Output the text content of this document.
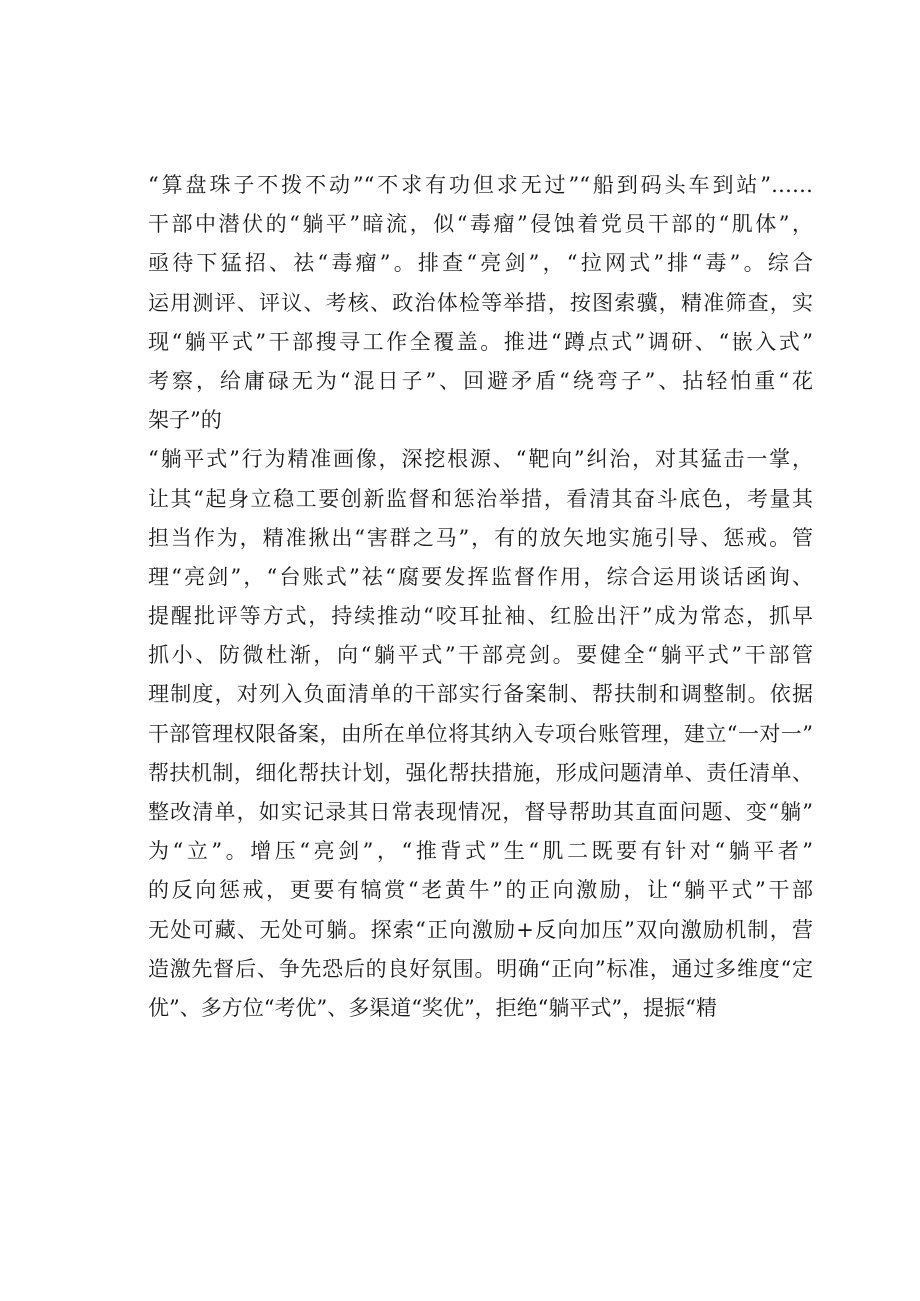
“算盘珠子不拨不动”“不求有功但求无过”“船到码头车到站”……
干部中潜伏的“躺平”暗流，似“毒瘤”侵蚀着党员干部的“肌体”，
亟待下猛招、祛“毒瘤”。排查“亮剑”，“拉网式”排“毒”。综合
运用测评、评议、考核、政治体检等举措，按图索骥，精准筛查，实
现“躺平式”干部搜寻工作全覆盖。推进“蹲点式”调研、“嵌入式”
考察，给庸碌无为“混日子”、回避矛盾“绕弯子”、拈轻怕重“花
架子”的
“躺平式”行为精准画像，深挖根源、“靶向”纠治，对其猛击一掌，
让其“起身立稳工要创新监督和惩治举措，看清其奋斗底色，考量其
担当作为，精准揪出“害群之马”，有的放矢地实施引导、惩戒。管
理“亮剑”，“台账式”祛“腐要发挥监督作用，综合运用谈话函询、
提醒批评等方式，持续推动“咬耳扯袖、红脸出汗”成为常态，抓早
抓小、防微杜渐，向“躺平式”干部亮剑。要健全“躺平式”干部管
理制度，对列入负面清单的干部实行备案制、帮扶制和调整制。依据
干部管理权限备案，由所在单位将其纳入专项台账管理，建立“一对一”
帮扶机制，细化帮扶计划，强化帮扶措施，形成问题清单、责任清单、
整改清单，如实记录其日常表现情况，督导帮助其直面问题、变“躺”
为“立”。增压“亮剑”，“推背式”生“肌二既要有针对“躺平者”
的反向惩戒，更要有犒赏“老黄牛”的正向激励，让“躺平式”干部
无处可藏、无处可躺。探索“正向激励+反向加压”双向激励机制，营
造激先督后、争先恐后的良好氛围。明确“正向”标准，通过多维度“定
优”、多方位“考优”、多渠道“奖优”，拒绝“躺平式”，提振“精
